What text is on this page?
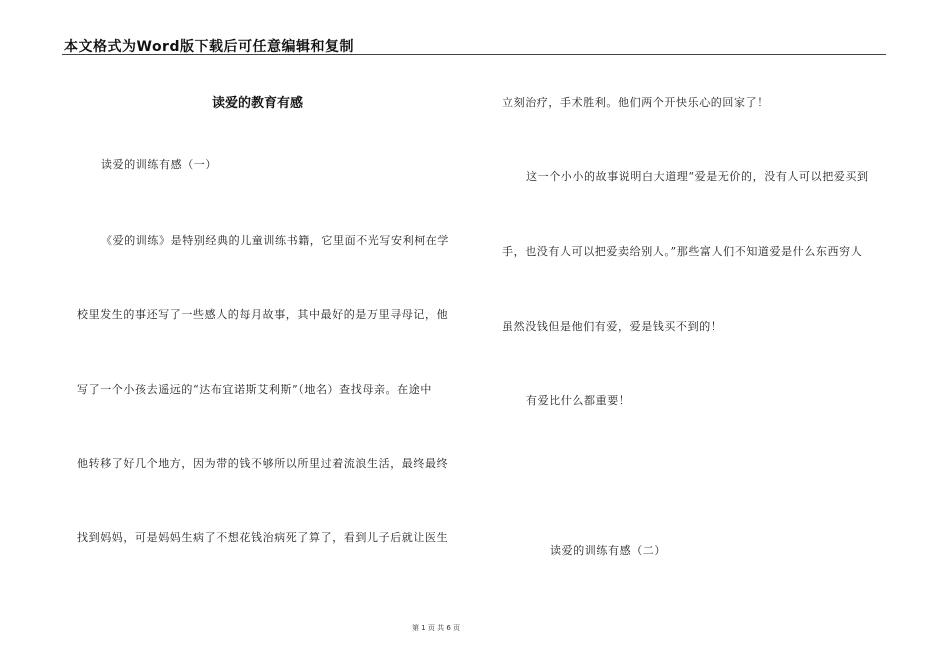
本文格式为Word版下载后可任意编辑和复制
读爱的教育有感
读爱的训练有感（一）
《爱的训练》是特别经典的儿童训练书籍，它里面不光写安利柯在学
校里发生的事还写了一些感人的每月故事，其中最好的是万里寻母记，他
写了一个小孩去遥远的“达布宜诺斯艾利斯”（地名）查找母亲。在途中
他转移了好几个地方，因为带的钱不够所以所里过着流浪生活，最终最终
找到妈妈，可是妈妈生病了不想花钱治病死了算了，看到儿子后就让医生
立刻治疗，手术胜利。他们两个开快乐心的回家了！
这一个小小的故事说明白大道理“爱是无价的，没有人可以把爱买到
手，也没有人可以把爱卖给别人。”那些富人们不知道爱是什么东西穷人
虽然没钱但是他们有爱，爱是钱买不到的！
有爱比什么都重要！
读爱的训练有感（二）
第 1 页 共 6 页
